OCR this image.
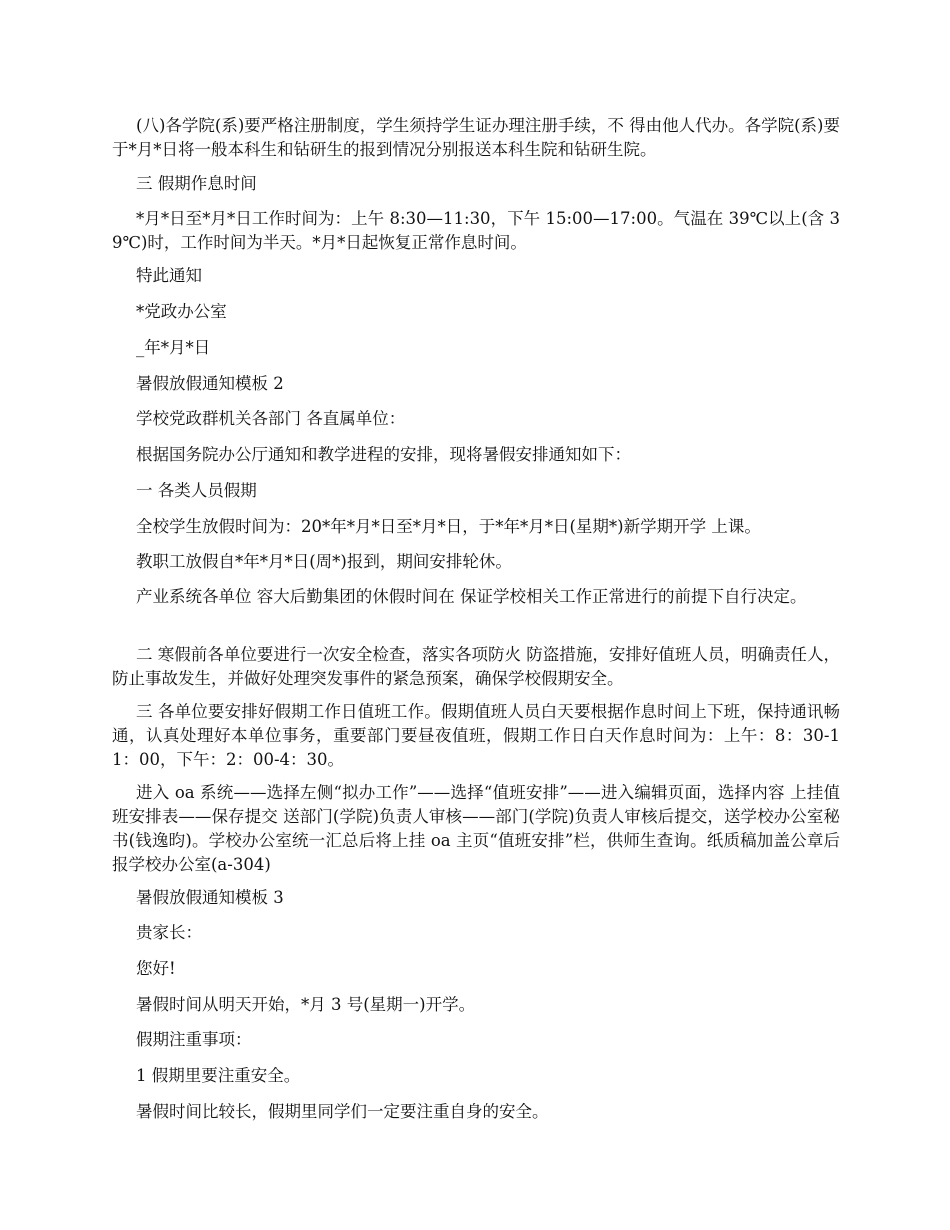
(八)各学院(系)要严格注册制度，学生须持学生证办理注册手续，不 得由他人代办。各学院(系)要于*月*日将一般本科生和钻研生的报到情况分别报送本科生院和钻研生院。

三 假期作息时间

*月*日至*月*日工作时间为：上午 8:30—11:30，下午 15:00—17:00。气温在 39℃以上(含 39℃)时，工作时间为半天。*月*日起恢复正常作息时间。

特此通知

*党政办公室

_年*月*日

暑假放假通知模板 2

学校党政群机关各部门 各直属单位：

根据国务院办公厅通知和教学进程的安排，现将暑假安排通知如下：

一 各类人员假期

全校学生放假时间为：20*年*月*日至*月*日，于*年*月*日(星期*)新学期开学 上课。

教职工放假自*年*月*日(周*)报到，期间安排轮休。

产业系统各单位 容大后勤集团的休假时间在 保证学校相关工作正常进行的前提下自行决定。

二 寒假前各单位要进行一次安全检查，落实各项防火 防盗措施，安排好值班人员，明确责任人，防止事故发生，并做好处理突发事件的紧急预案，确保学校假期安全。

三 各单位要安排好假期工作日值班工作。假期值班人员白天要根据作息时间上下班，保持通讯畅通，认真处理好本单位事务，重要部门要昼夜值班，假期工作日白天作息时间为：上午：8：30-11：00，下午：2：00-4：30。

进入 oa 系统——选择左侧“拟办工作”——选择“值班安排”——进入编辑页面，选择内容 上挂值班安排表——保存提交 送部门(学院)负责人审核——部门(学院)负责人审核后提交，送学校办公室秘书(钱逸昀)。学校办公室统一汇总后将上挂 oa 主页“值班安排”栏，供师生查询。纸质稿加盖公章后报学校办公室(a-304)

暑假放假通知模板 3

贵家长：

您好!

暑假时间从明天开始，*月 3 号(星期一)开学。

假期注重事项：

1 假期里要注重安全。

暑假时间比较长，假期里同学们一定要注重自身的安全。
